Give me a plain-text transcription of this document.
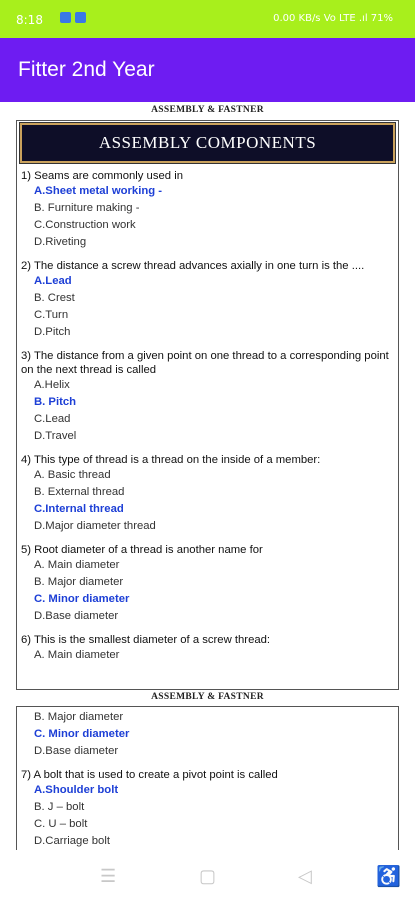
8:18	0.00 KB/s Vo LTE .ıl 71%
Fitter 2nd Year
ASSEMBLY & FASTNER
ASSEMBLY COMPONENTS
1) Seams are commonly used in
A.Sheet metal working -
B. Furniture making -
C.Construction work
D.Riveting
2) The distance a screw thread advances axially in one turn is the ....
A.Lead
B. Crest
C.Turn
D.Pitch
3) The distance from a given point on one thread to a corresponding point on the next thread is called
A.Helix
B. Pitch
C.Lead
D.Travel
4) This type of thread is a thread on the inside of a member:
A. Basic thread
B. External thread
C.Internal thread
D.Major diameter thread
5) Root diameter of a thread is another name for
A. Main diameter
B. Major diameter
C. Minor diameter
D.Base diameter
6) This is the smallest diameter of a screw thread:
A. Main diameter
ASSEMBLY & FASTNER
B. Major diameter
C. Minor diameter
D.Base diameter
7) A bolt that is used to create a pivot point is called
A.Shoulder bolt
B. J – bolt
C. U – bolt
D.Carriage bolt
☰	▢	◁	♿
